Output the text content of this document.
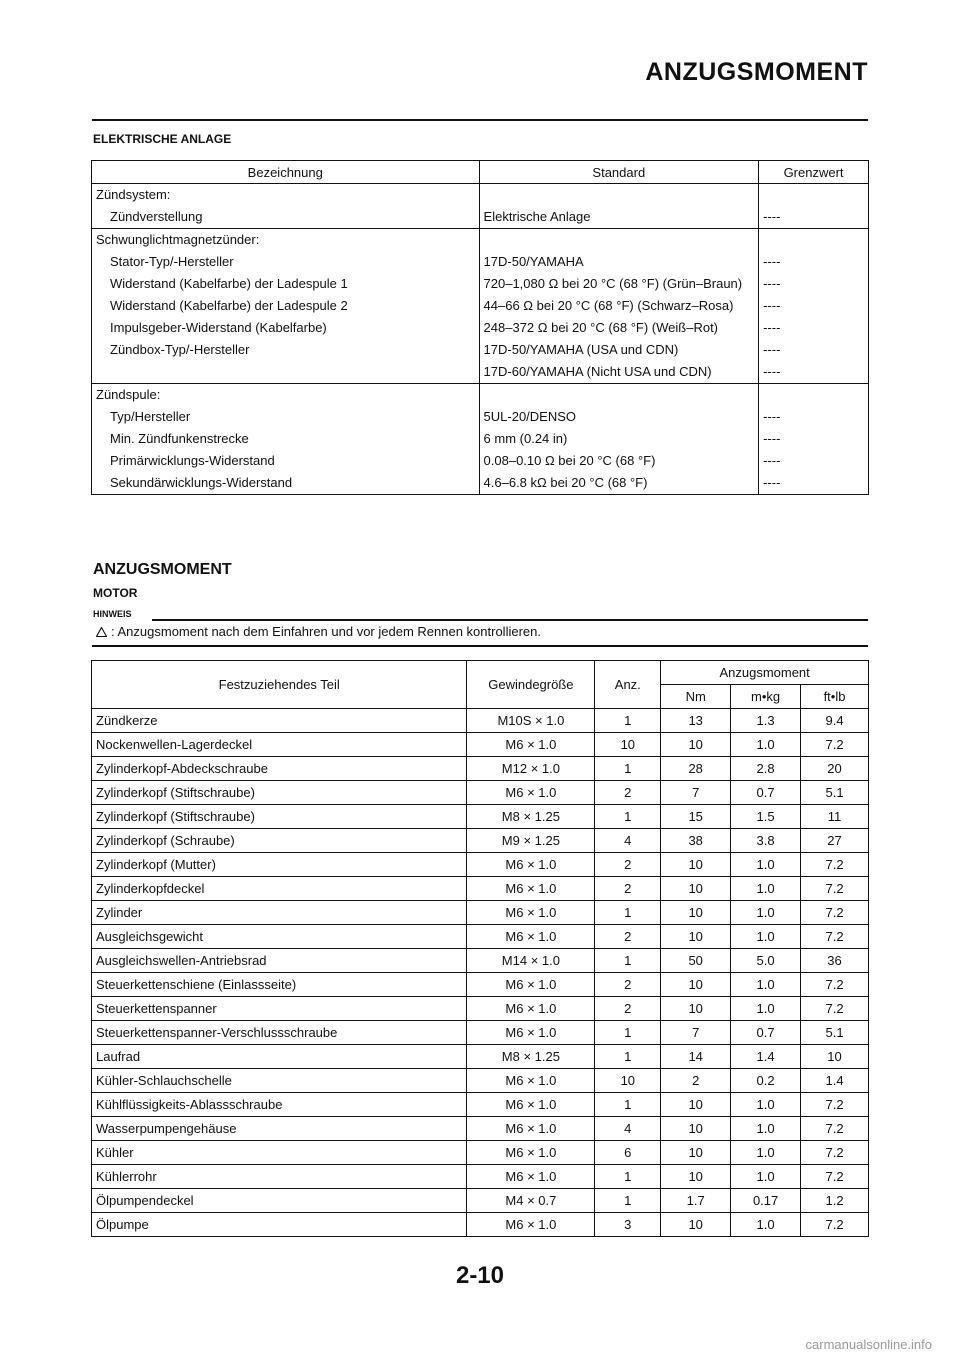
ANZUGSMOMENT
ELEKTRISCHE ANLAGE
Bezeichnung	Standard	Grenzwert
Zündsystem:		
Zündverstellung	Elektrische Anlage	----
Schwunglichtmagnetzünder:		
Stator-Typ/-Hersteller	17D-50/YAMAHA	----
Widerstand (Kabelfarbe) der Ladespule 1	720–1,080 Ω bei 20 °C (68 °F) (Grün–Braun)	----
Widerstand (Kabelfarbe) der Ladespule 2	44–66 Ω bei 20 °C (68 °F) (Schwarz–Rosa)	----
Impulsgeber-Widerstand (Kabelfarbe)	248–372 Ω bei 20 °C (68 °F) (Weiß–Rot)	----
Zündbox-Typ/-Hersteller	17D-50/YAMAHA (USA und CDN)	----
	17D-60/YAMAHA (Nicht USA und CDN)	----
Zündspule:		
Typ/Hersteller	5UL-20/DENSO	----
Min. Zündfunkenstrecke	6 mm (0.24 in)	----
Primärwicklungs-Widerstand	0.08–0.10 Ω bei 20 °C (68 °F)	----
Sekundärwicklungs-Widerstand	4.6–6.8 kΩ bei 20 °C (68 °F)	----
ANZUGSMOMENT
MOTOR
HINWEIS
: Anzugsmoment nach dem Einfahren und vor jedem Rennen kontrollieren.
Festzuziehendes Teil	Gewindegröße	Anz.	Anzugsmoment		
			Nm	m•kg	ft•lb
Zündkerze	M10S × 1.0	1	13	1.3	9.4
Nockenwellen-Lagerdeckel	M6 × 1.0	10	10	1.0	7.2
Zylinderkopf-Abdeckschraube	M12 × 1.0	1	28	2.8	20
Zylinderkopf (Stiftschraube)	M6 × 1.0	2	7	0.7	5.1
Zylinderkopf (Stiftschraube)	M8 × 1.25	1	15	1.5	11
Zylinderkopf (Schraube)	M9 × 1.25	4	38	3.8	27
Zylinderkopf (Mutter)	M6 × 1.0	2	10	1.0	7.2
Zylinderkopfdeckel	M6 × 1.0	2	10	1.0	7.2
Zylinder	M6 × 1.0	1	10	1.0	7.2
Ausgleichsgewicht	M6 × 1.0	2	10	1.0	7.2
Ausgleichswellen-Antriebsrad	M14 × 1.0	1	50	5.0	36
Steuerkettenschiene (Einlassseite)	M6 × 1.0	2	10	1.0	7.2
Steuerkettenspanner	M6 × 1.0	2	10	1.0	7.2
Steuerkettenspanner-Verschlussschraube	M6 × 1.0	1	7	0.7	5.1
Laufrad	M8 × 1.25	1	14	1.4	10
Kühler-Schlauchschelle	M6 × 1.0	10	2	0.2	1.4
Kühlflüssigkeits-Ablassschraube	M6 × 1.0	1	10	1.0	7.2
Wasserpumpengehäuse	M6 × 1.0	4	10	1.0	7.2
Kühler	M6 × 1.0	6	10	1.0	7.2
Kühlerrohr	M6 × 1.0	1	10	1.0	7.2
Ölpumpendeckel	M4 × 0.7	1	1.7	0.17	1.2
Ölpumpe	M6 × 1.0	3	10	1.0	7.2
2-10
carmanualsonline.info
